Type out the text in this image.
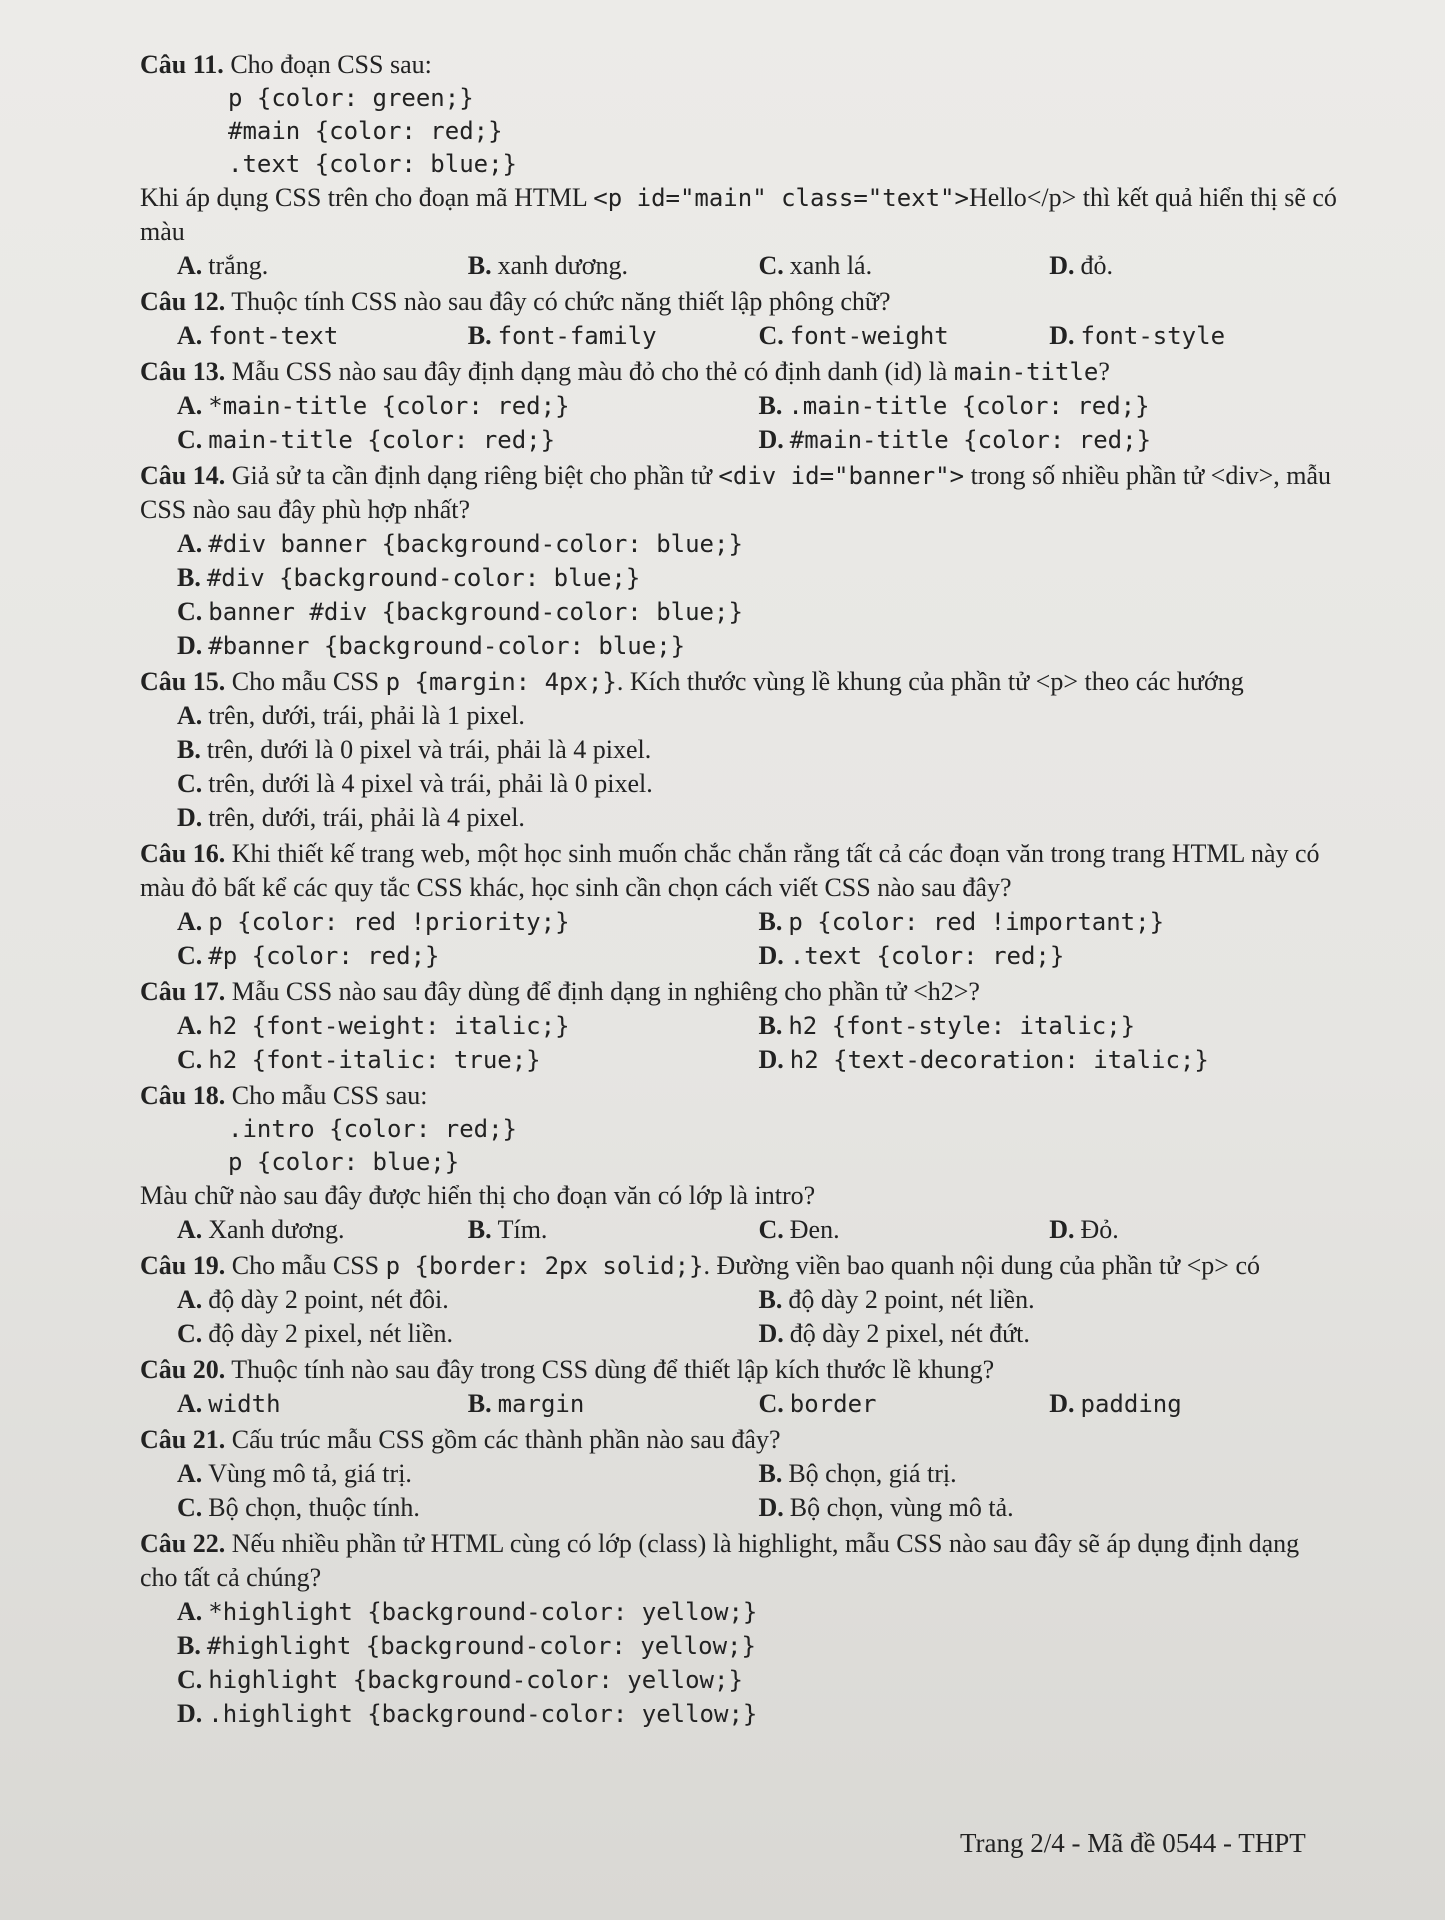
Câu 11. Cho đoạn CSS sau:
p {color: green;}
#main {color: red;}
.text {color: blue;}
Khi áp dụng CSS trên cho đoạn mã HTML <p id="main" class="text">Hello</p> thì kết quả hiển thị sẽ có màu
A. trắng.	B. xanh dương.	C. xanh lá.	D. đỏ.
Câu 12. Thuộc tính CSS nào sau đây có chức năng thiết lập phông chữ?
A. font-text	B. font-family	C. font-weight	D. font-style
Câu 13. Mẫu CSS nào sau đây định dạng màu đỏ cho thẻ có định danh (id) là main-title?
A. *main-title {color: red;}	B. .main-title {color: red;}
C. main-title {color: red;}	D. #main-title {color: red;}
Câu 14. Giả sử ta cần định dạng riêng biệt cho phần tử <div id="banner"> trong số nhiều phần tử <div>, mẫu CSS nào sau đây phù hợp nhất?
A. #div banner {background-color: blue;}
B. #div {background-color: blue;}
C. banner #div {background-color: blue;}
D. #banner {background-color: blue;}
Câu 15. Cho mẫu CSS p {margin: 4px;}. Kích thước vùng lề khung của phần tử <p> theo các hướng
A. trên, dưới, trái, phải là 1 pixel.
B. trên, dưới là 0 pixel và trái, phải là 4 pixel.
C. trên, dưới là 4 pixel và trái, phải là 0 pixel.
D. trên, dưới, trái, phải là 4 pixel.
Câu 16. Khi thiết kế trang web, một học sinh muốn chắc chắn rằng tất cả các đoạn văn trong trang HTML này có màu đỏ bất kể các quy tắc CSS khác, học sinh cần chọn cách viết CSS nào sau đây?
A. p {color: red !priority;}	B. p {color: red !important;}
C. #p {color: red;}	D. .text {color: red;}
Câu 17. Mẫu CSS nào sau đây dùng để định dạng in nghiêng cho phần tử <h2>?
A. h2 {font-weight: italic;}	B. h2 {font-style: italic;}
C. h2 {font-italic: true;}	D. h2 {text-decoration: italic;}
Câu 18. Cho mẫu CSS sau:
.intro {color: red;}
p {color: blue;}
Màu chữ nào sau đây được hiển thị cho đoạn văn có lớp là intro?
A. Xanh dương.	B. Tím.	C. Đen.	D. Đỏ.
Câu 19. Cho mẫu CSS p {border: 2px solid;}. Đường viền bao quanh nội dung của phần tử <p> có
A. độ dày 2 point, nét đôi.	B. độ dày 2 point, nét liền.
C. độ dày 2 pixel, nét liền.	D. độ dày 2 pixel, nét đứt.
Câu 20. Thuộc tính nào sau đây trong CSS dùng để thiết lập kích thước lề khung?
A. width	B. margin	C. border	D. padding
Câu 21. Cấu trúc mẫu CSS gồm các thành phần nào sau đây?
A. Vùng mô tả, giá trị.	B. Bộ chọn, giá trị.
C. Bộ chọn, thuộc tính.	D. Bộ chọn, vùng mô tả.
Câu 22. Nếu nhiều phần tử HTML cùng có lớp (class) là highlight, mẫu CSS nào sau đây sẽ áp dụng định dạng cho tất cả chúng?
A. *highlight {background-color: yellow;}
B. #highlight {background-color: yellow;}
C. highlight {background-color: yellow;}
D. .highlight {background-color: yellow;}
Trang 2/4 - Mã đề 0544 - THPT
